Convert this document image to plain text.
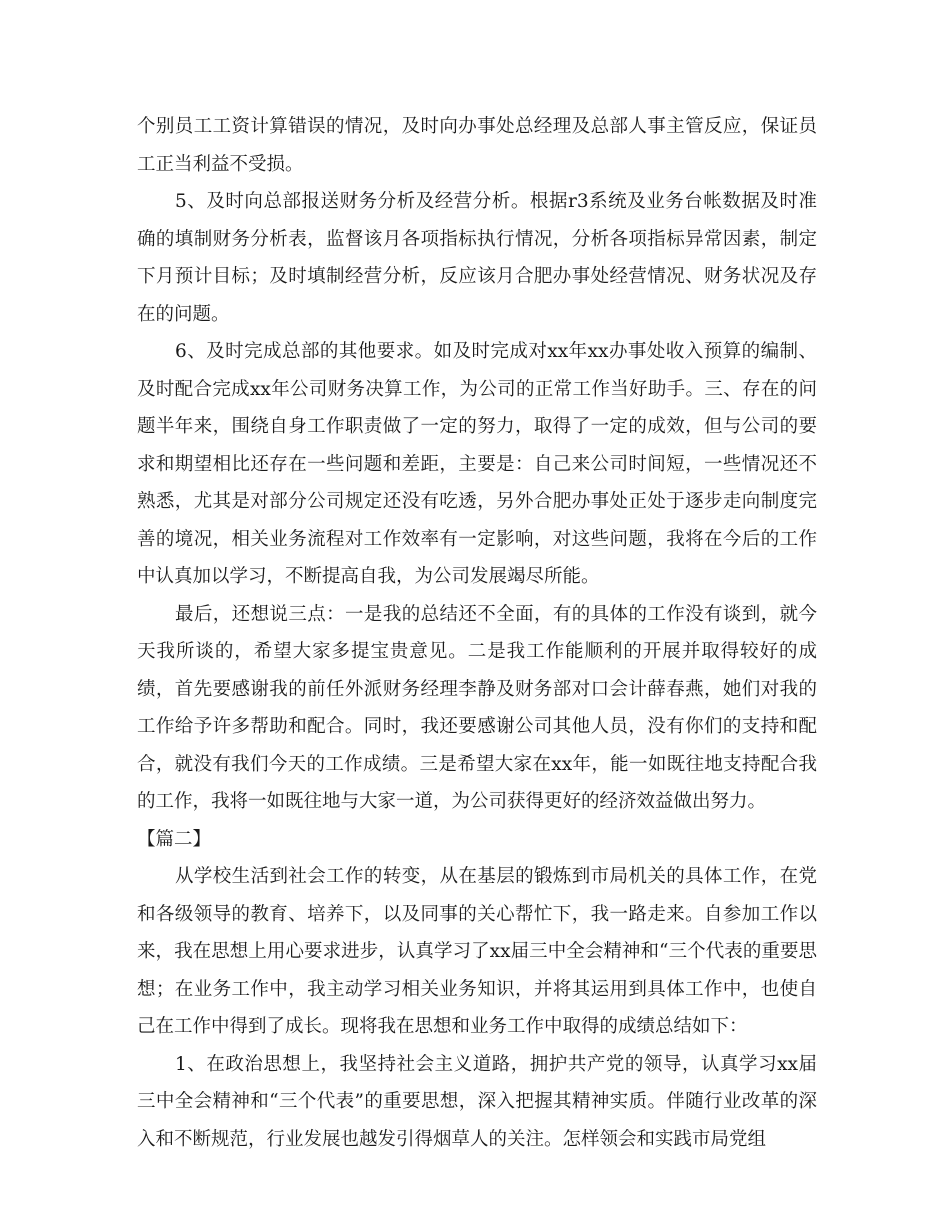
个别员工工资计算错误的情况，及时向办事处总经理及总部人事主管反应，保证员工正当利益不受损。

5、及时向总部报送财务分析及经营分析。根据r3系统及业务台帐数据及时准确的填制财务分析表，监督该月各项指标执行情况，分析各项指标异常因素，制定下月预计目标；及时填制经营分析，反应该月合肥办事处经营情况、财务状况及存在的问题。

6、及时完成总部的其他要求。如及时完成对xx年xx办事处收入预算的编制、及时配合完成xx年公司财务决算工作，为公司的正常工作当好助手。三、存在的问题半年来，围绕自身工作职责做了一定的努力，取得了一定的成效，但与公司的要求和期望相比还存在一些问题和差距，主要是：自己来公司时间短，一些情况还不熟悉，尤其是对部分公司规定还没有吃透，另外合肥办事处正处于逐步走向制度完善的境况，相关业务流程对工作效率有一定影响，对这些问题，我将在今后的工作中认真加以学习，不断提高自我，为公司发展竭尽所能。

最后，还想说三点：一是我的总结还不全面，有的具体的工作没有谈到，就今天我所谈的，希望大家多提宝贵意见。二是我工作能顺利的开展并取得较好的成绩，首先要感谢我的前任外派财务经理李静及财务部对口会计薛春燕，她们对我的工作给予许多帮助和配合。同时，我还要感谢公司其他人员，没有你们的支持和配合，就没有我们今天的工作成绩。三是希望大家在xx年，能一如既往地支持配合我的工作，我将一如既往地与大家一道，为公司获得更好的经济效益做出努力。

【篇二】

从学校生活到社会工作的转变，从在基层的锻炼到市局机关的具体工作，在党和各级领导的教育、培养下，以及同事的关心帮忙下，我一路走来。自参加工作以来，我在思想上用心要求进步，认真学习了xx届三中全会精神和“三个代表的重要思想；在业务工作中，我主动学习相关业务知识，并将其运用到具体工作中，也使自己在工作中得到了成长。现将我在思想和业务工作中取得的成绩总结如下：

1、在政治思想上，我坚持社会主义道路，拥护共产党的领导，认真学习xx届三中全会精神和“三个代表”的重要思想，深入把握其精神实质。伴随行业改革的深入和不断规范，行业发展也越发引得烟草人的关注。怎样领会和实践市局党组
